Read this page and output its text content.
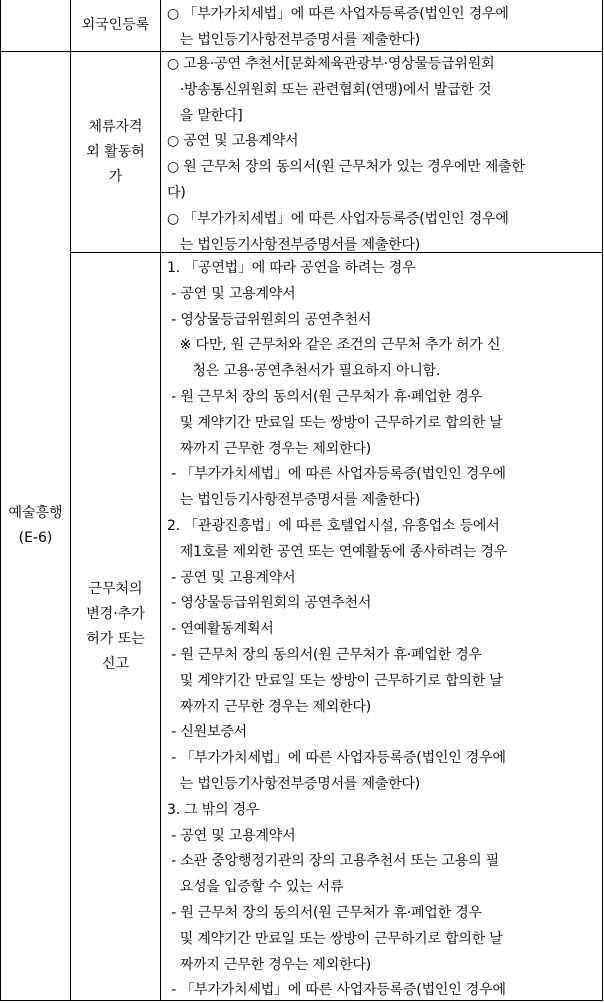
외국인등록
○ 「부가가치세법」에 따른 사업자등록증(법인인 경우에
는 법인등기사항전부증명서를 제출한다)
예술흥행
(E-6)
체류자격
외 활동허
가
○ 고용·공연 추천서[문화체육관광부·영상물등급위원회
·방송통신위원회 또는 관련협회(연맹)에서 발급한 것
을 말한다]
○ 공연 및 고용계약서
○ 원 근무처 장의 동의서(원 근무처가 있는 경우에만 제출한
다)
○ 「부가가치세법」에 따른 사업자등록증(법인인 경우에
는 법인등기사항전부증명서를 제출한다)
근무처의
변경·추가
허가 또는
신고
1. 「공연법」에 따라 공연을 하려는 경우
- 공연 및 고용계약서
- 영상물등급위원회의 공연추천서
※ 다만, 원 근무처와 같은 조건의 근무처 추가 허가 신
청은 고용·공연추천서가 필요하지 아니함.
- 원 근무처 장의 동의서(원 근무처가 휴·폐업한 경우
및 계약기간 만료일 또는 쌍방이 근무하기로 합의한 날
짜까지 근무한 경우는 제외한다)
- 「부가가치세법」에 따른 사업자등록증(법인인 경우에
는 법인등기사항전부증명서를 제출한다)
2. 「관광진흥법」에 따른 호텔업시설, 유흥업소 등에서
제1호를 제외한 공연 또는 연예활동에 종사하려는 경우
- 공연 및 고용계약서
- 영상물등급위원회의 공연추천서
- 연예활동계획서
- 원 근무처 장의 동의서(원 근무처가 휴·폐업한 경우
및 계약기간 만료일 또는 쌍방이 근무하기로 합의한 날
짜까지 근무한 경우는 제외한다)
- 신원보증서
- 「부가가치세법」에 따른 사업자등록증(법인인 경우에
는 법인등기사항전부증명서를 제출한다)
3. 그 밖의 경우
- 공연 및 고용계약서
- 소관 중앙행정기관의 장의 고용추천서 또는 고용의 필
요성을 입증할 수 있는 서류
- 원 근무처 장의 동의서(원 근무처가 휴·폐업한 경우
및 계약기간 만료일 또는 쌍방이 근무하기로 합의한 날
짜까지 근무한 경우는 제외한다)
- 「부가가치세법」에 따른 사업자등록증(법인인 경우에
